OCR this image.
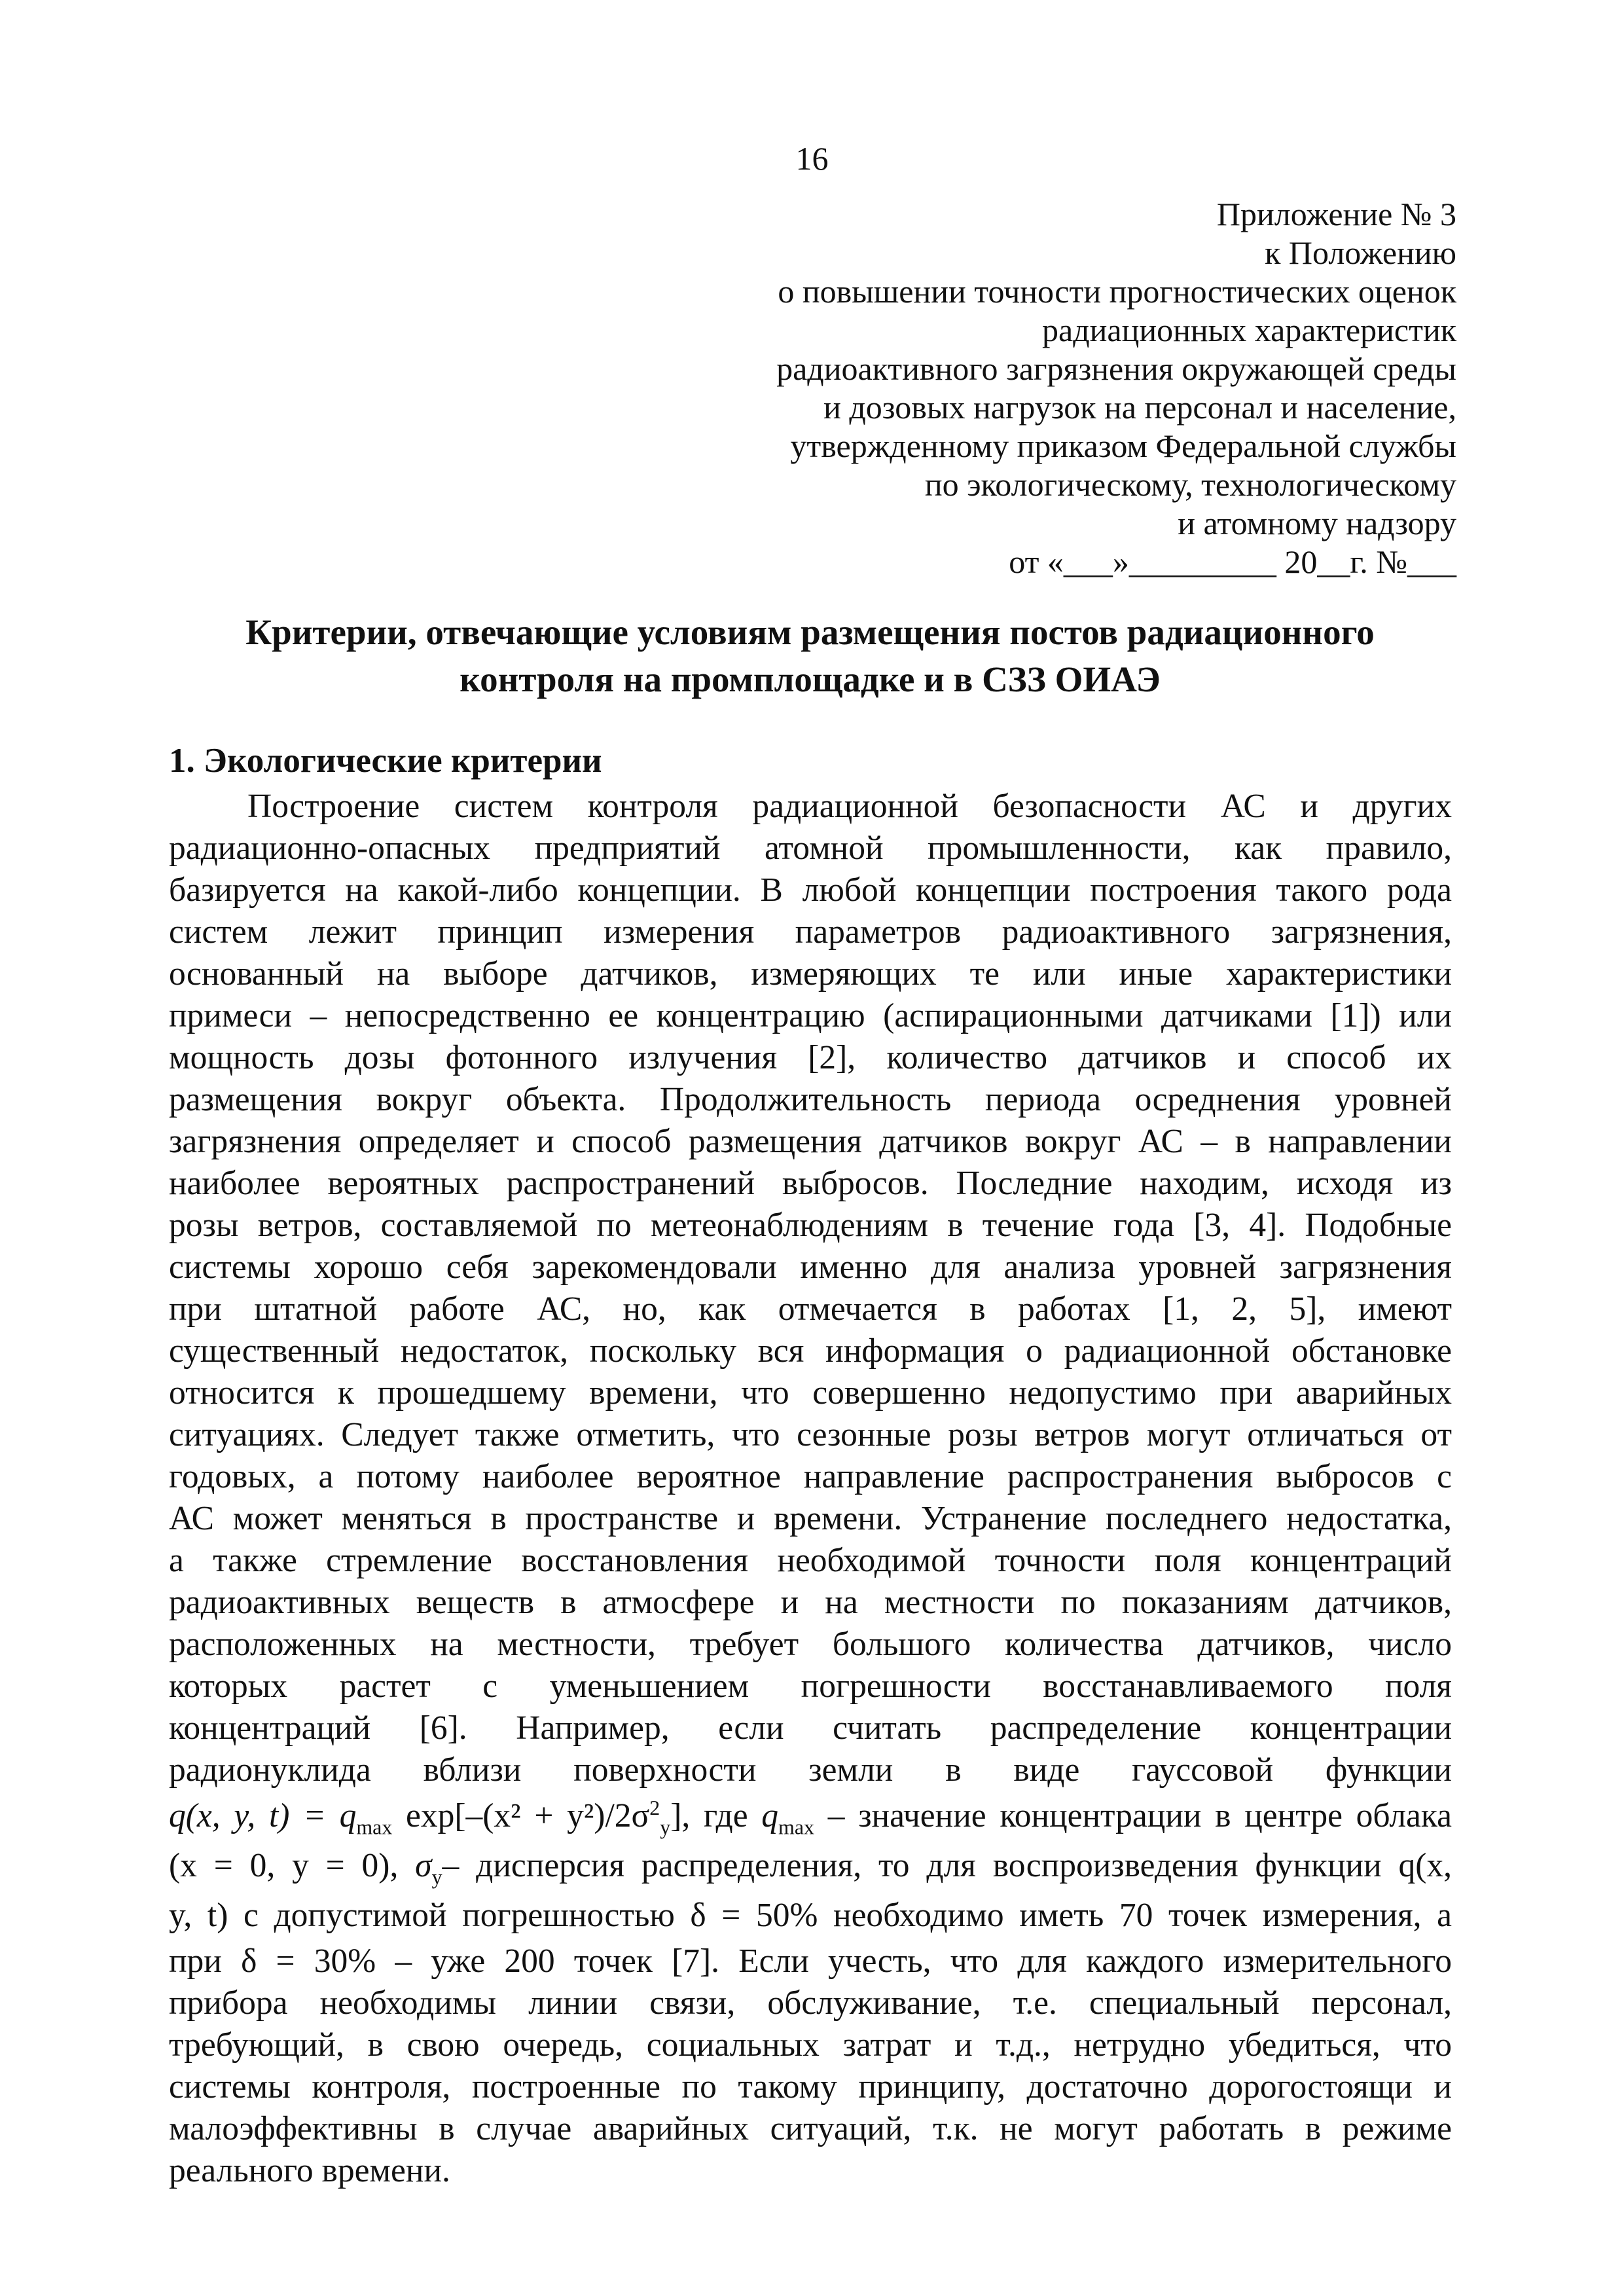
16
Приложение № 3
к Положению
о повышении точности прогностических оценок
радиационных характеристик
радиоактивного загрязнения окружающей среды
и дозовых нагрузок на персонал и население,
утвержденному приказом Федеральной службы
по экологическому, технологическому
и атомному надзору
от «___»_________ 20__г. №___
Критерии, отвечающие условиям размещения постов радиационного
контроля на промплощадке и в СЗЗ ОИАЭ
1. Экологические критерии
Построение систем контроля радиационной безопасности АС и других
радиационно-опасных предприятий атомной промышленности, как правило,
базируется на какой-либо концепции. В любой концепции построения такого рода
систем лежит принцип измерения параметров радиоактивного загрязнения,
основанный на выборе датчиков, измеряющих те или иные характеристики
примеси – непосредственно ее концентрацию (аспирационными датчиками [1]) или
мощность дозы фотонного излучения [2], количество датчиков и способ их
размещения вокруг объекта. Продолжительность периода осреднения уровней
загрязнения определяет и способ размещения датчиков вокруг АС – в направлении
наиболее вероятных распространений выбросов. Последние находим, исходя из
розы ветров, составляемой по метеонаблюдениям в течение года [3, 4]. Подобные
системы хорошо себя зарекомендовали именно для анализа уровней загрязнения
при штатной работе АС, но, как отмечается в работах [1, 2, 5], имеют
существенный недостаток, поскольку вся информация о радиационной обстановке
относится к прошедшему времени, что совершенно недопустимо при аварийных
ситуациях. Следует также отметить, что сезонные розы ветров могут отличаться от
годовых, а потому наиболее вероятное направление распространения выбросов с
АС может меняться в пространстве и времени. Устранение последнего недостатка,
а также стремление восстановления необходимой точности поля концентраций
радиоактивных веществ в атмосфере и на местности по показаниям датчиков,
расположенных на местности, требует большого количества датчиков, число
которых растет с уменьшением погрешности восстанавливаемого поля
концентраций [6]. Например, если считать распределение концентрации
радионуклида вблизи поверхности земли в виде гауссовой функции
q(x, y, $t) = q_{max}$ $\exp[-(x^2 + y^2)/2\sigma^2_y]$, где $q_{max}$ – значение концентрации в центре облака
(x = 0, y = 0), $\sigma_y-$ дисперсия распределения, то для воспроизведения функции q(x,
y, t) с допустимой погрешностью δ = 50% необходимо иметь 70 точек измерения, а
при δ = 30% – уже 200 точек [7]. Если учесть, что для каждого измерительного
прибора необходимы линии связи, обслуживание, т.е. специальный персонал,
требующий, в свою очередь, социальных затрат и т.д., нетрудно убедиться, что
системы контроля, построенные по такому принципу, достаточно дорогостоящи и
малоэффективны в случае аварийных ситуаций, т.к. не могут работать в режиме
реального времени.
